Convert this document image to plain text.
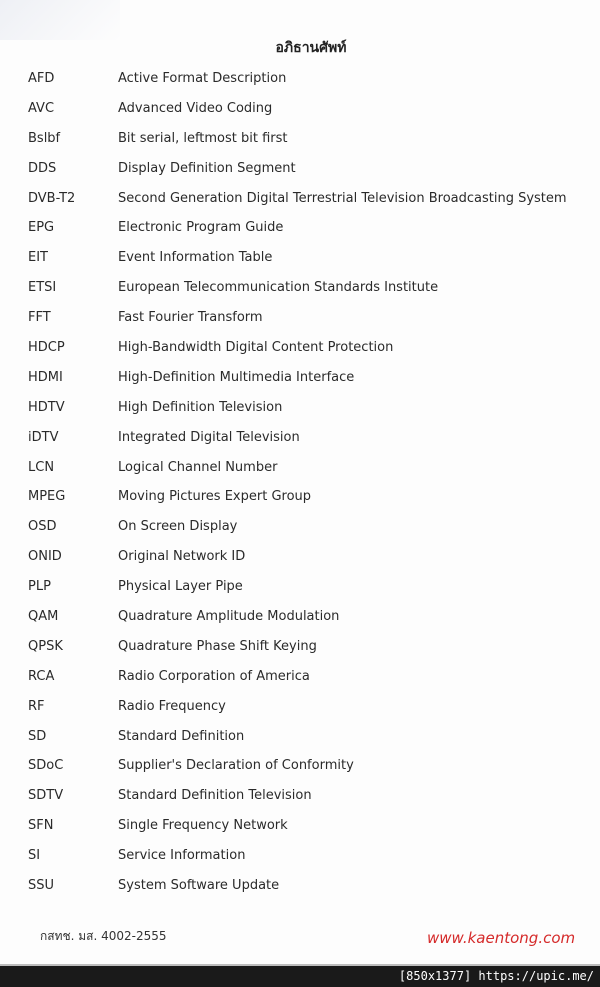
อภิธานศัพท์
AFD	Active Format Description
AVC	Advanced Video Coding
Bslbf	Bit serial, leftmost bit first
DDS	Display Definition Segment
DVB-T2	Second Generation Digital Terrestrial Television Broadcasting System
EPG	Electronic Program Guide
EIT	Event Information Table
ETSI	European Telecommunication Standards Institute
FFT	Fast Fourier Transform
HDCP	High-Bandwidth Digital Content Protection
HDMI	High-Definition Multimedia Interface
HDTV	High Definition Television
iDTV	Integrated Digital Television
LCN	Logical Channel Number
MPEG	Moving Pictures Expert Group
OSD	On Screen Display
ONID	Original Network ID
PLP	Physical Layer Pipe
QAM	Quadrature Amplitude Modulation
QPSK	Quadrature Phase Shift Keying
RCA	Radio Corporation of America
RF	Radio Frequency
SD	Standard Definition
SDoC	Supplier's Declaration of Conformity
SDTV	Standard Definition Television
SFN	Single Frequency Network
SI	Service Information
SSU	System Software Update
กสทช. มส. 4002-2555	www.kaentong.com
[850x1377] https://upic.me/
